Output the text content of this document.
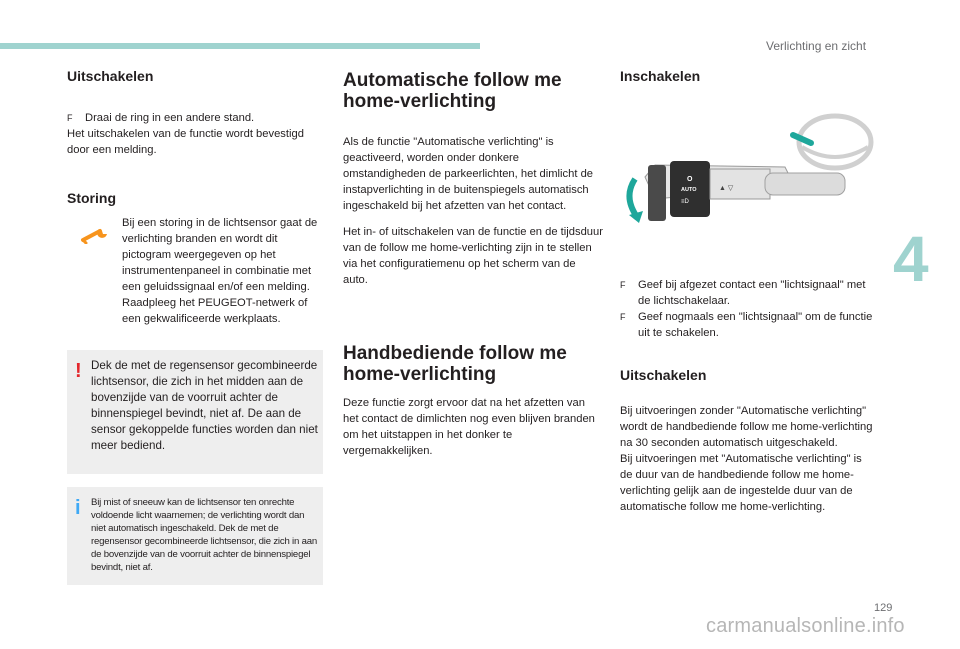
Verlichting en zicht
4
129
carmanualsonline.info
Uitschakelen
F	Draai de ring in een andere stand.

Het uitschakelen van de functie wordt bevestigd door een melding.

Storing

Bij een storing in de lichtsensor gaat de verlichting branden en wordt dit pictogram weergegeven op het instrumentenpaneel in combinatie met een geluidssignaal en/of een melding. Raadpleeg het PEUGEOT-netwerk of een gekwalificeerde werkplaats.

! Dek de met de regensensor gecombineerde lichtsensor, die zich in het midden aan de bovenzijde van de voorruit achter de binnenspiegel bevindt, niet af. De aan de sensor gekoppelde functies worden dan niet meer bediend.

i Bij mist of sneeuw kan de lichtsensor ten onrechte voldoende licht waarnemen; de verlichting wordt dan niet automatisch ingeschakeld. Dek de met de regensensor gecombineerde lichtsensor, die zich in aan de bovenzijde van de voorruit achter de binnenspiegel bevindt, niet af.

Automatische follow me home-verlichting

Als de functie "Automatische verlichting" is geactiveerd, worden onder donkere omstandigheden de parkeerlichten, het dimlicht de instapverlichting in de buitenspiegels automatisch ingeschakeld bij het afzetten van het contact.

Het in- of uitschakelen van de functie en de tijdsduur van de follow me home-verlichting zijn in te stellen via het configuratiemenu op het scherm van de auto.

Handbediende follow me home-verlichting

Deze functie zorgt ervoor dat na het afzetten van het contact de dimlichten nog even blijven branden om het uitstappen in het donker te vergemakkelijken.

Inschakelen
O
AUTO
≡D
▲ ▽
F	Geef bij afgezet contact een "lichtsignaal" met de lichtschakelaar.
F	Geef nogmaals een "lichtsignaal" om de functie uit te schakelen.
Uitschakelen

Bij uitvoeringen zonder "Automatische verlichting" wordt de handbediende follow me home-verlichting na 30 seconden automatisch uitgeschakeld.

Bij uitvoeringen met "Automatische verlichting" is de duur van de handbediende follow me home-verlichting gelijk aan de ingestelde duur van de automatische follow me home-verlichting.
